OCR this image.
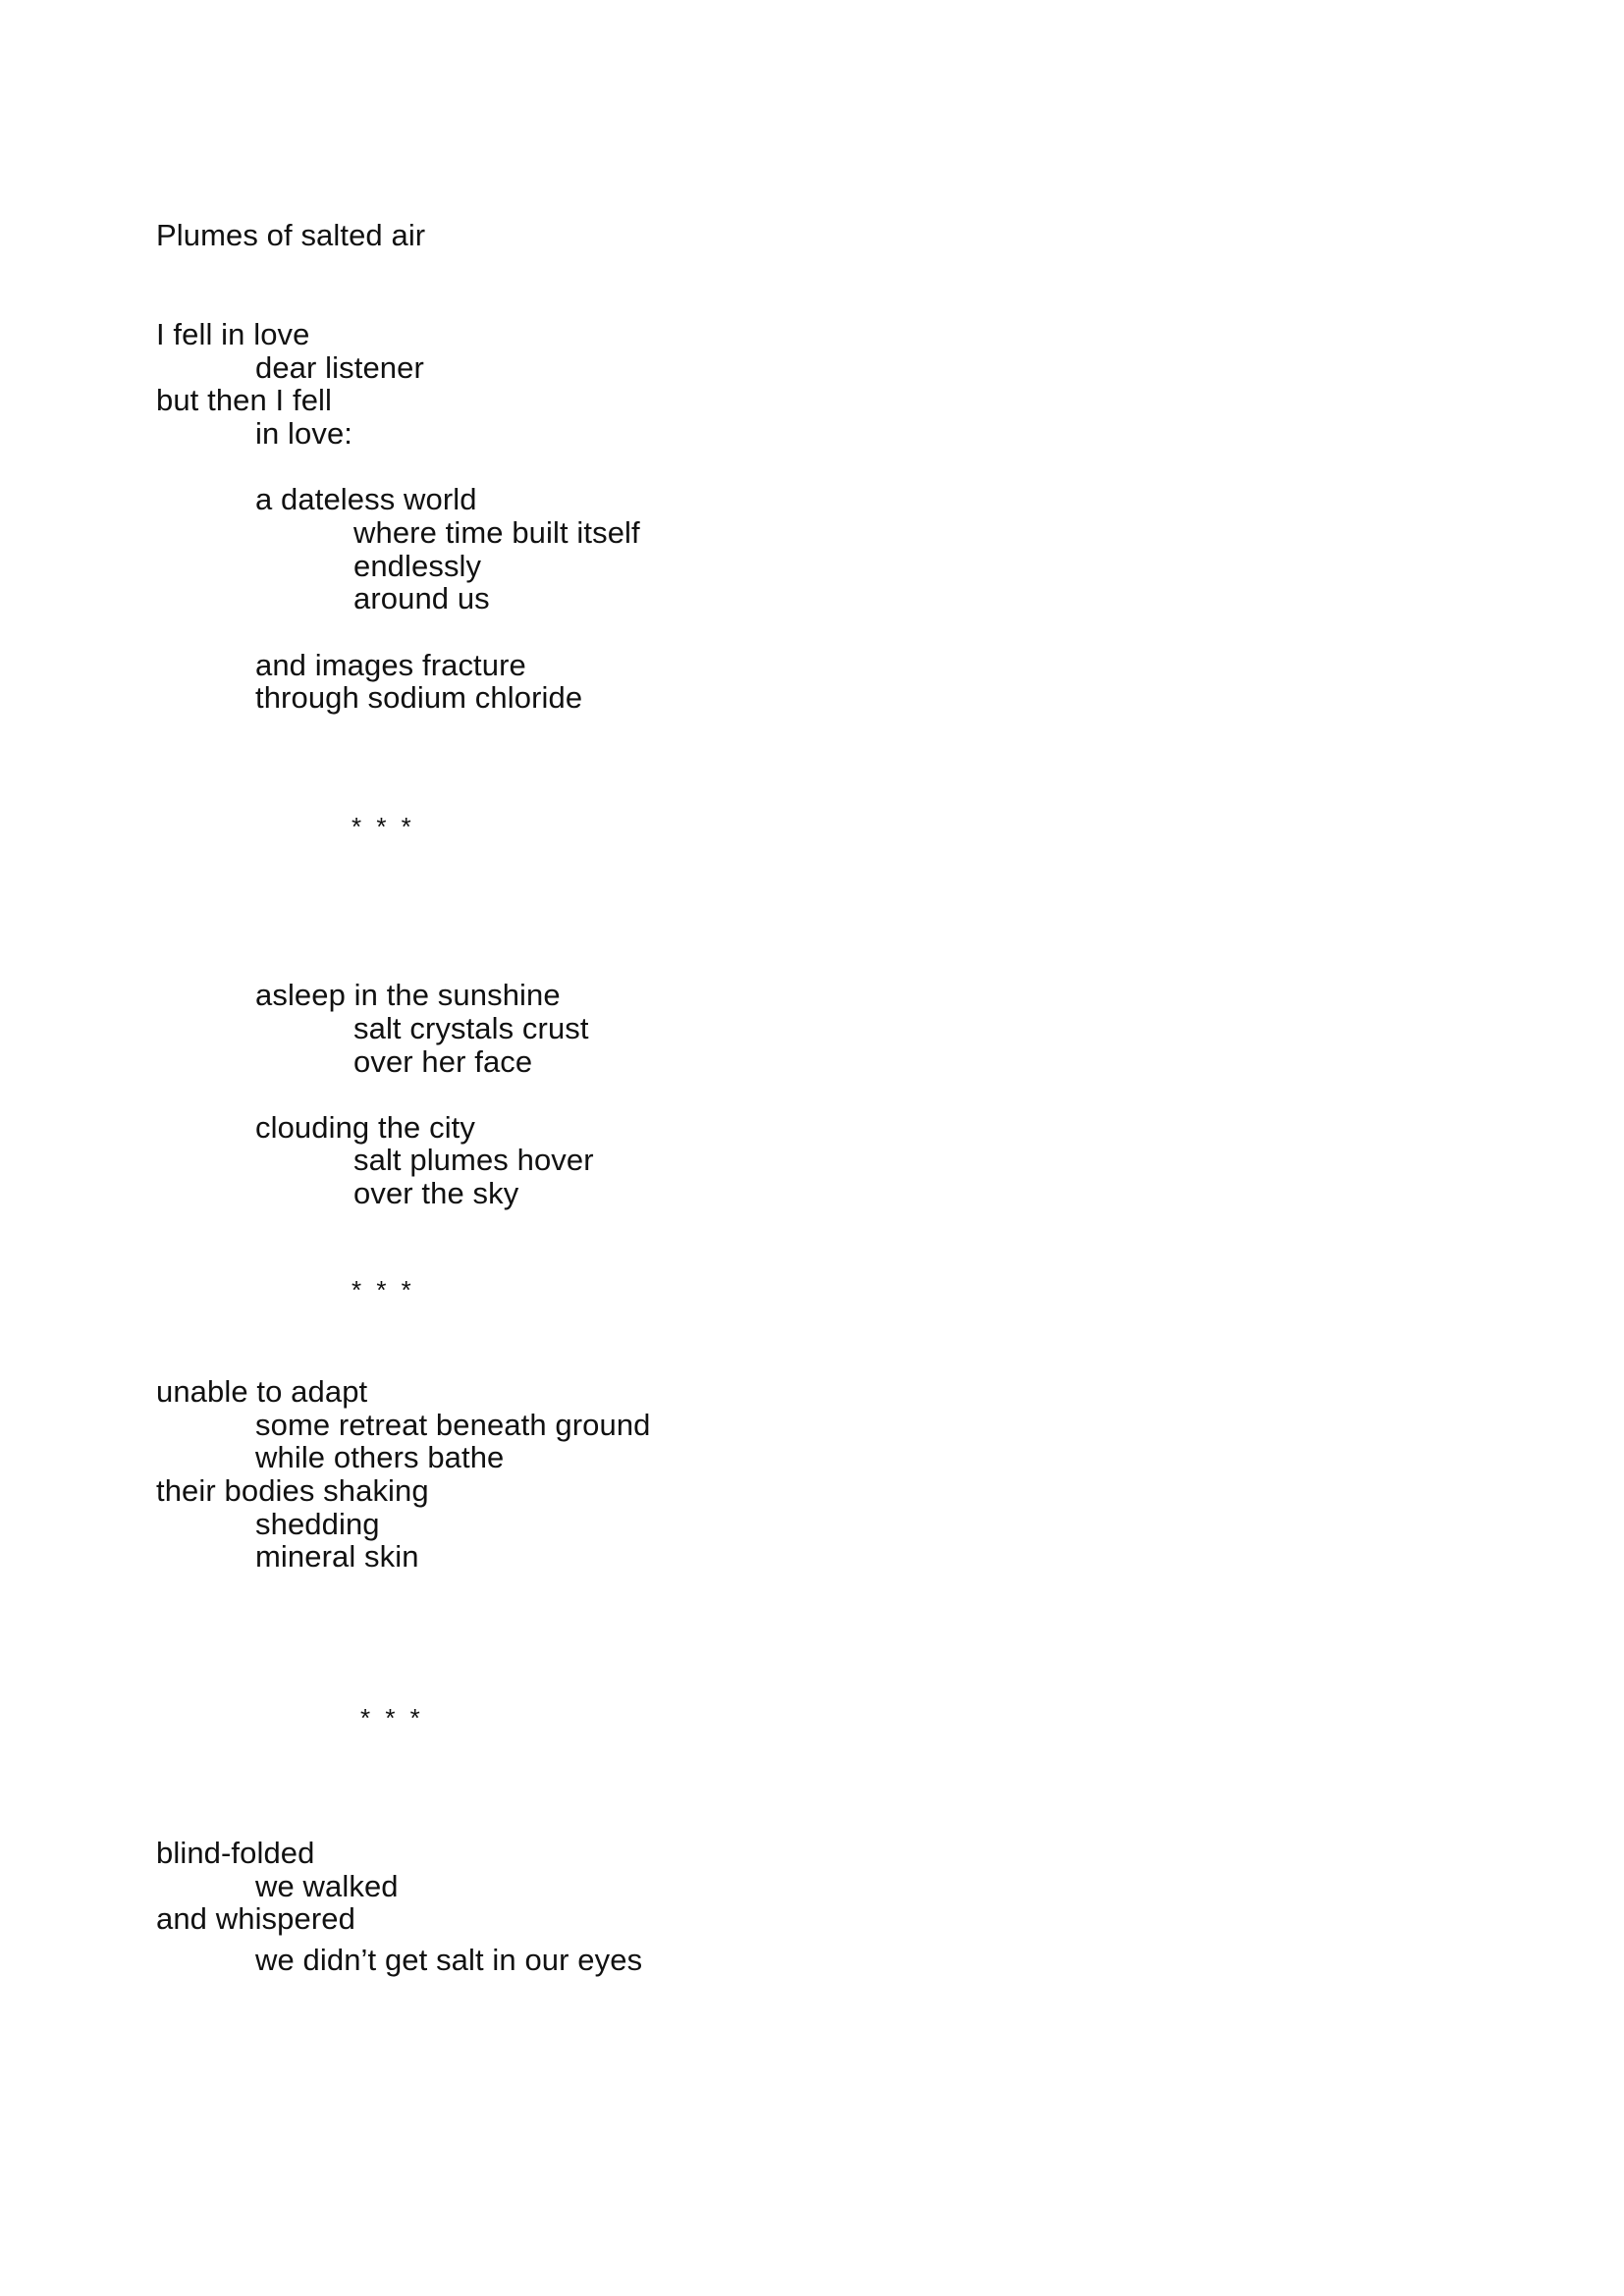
Plumes of salted air
I fell in love
dear listener
but then I fell
in love:
a dateless world
where time built itself
endlessly
around us
and images fracture
through sodium chloride
* * *
asleep in the sunshine
salt crystals crust
over her face
clouding the city
salt plumes hover
over the sky
* * *
unable to adapt
some retreat beneath ground
while others bathe
their bodies shaking
shedding
mineral skin
* * *
blind-folded
we walked
and whispered
we didn’t get salt in our eyes
